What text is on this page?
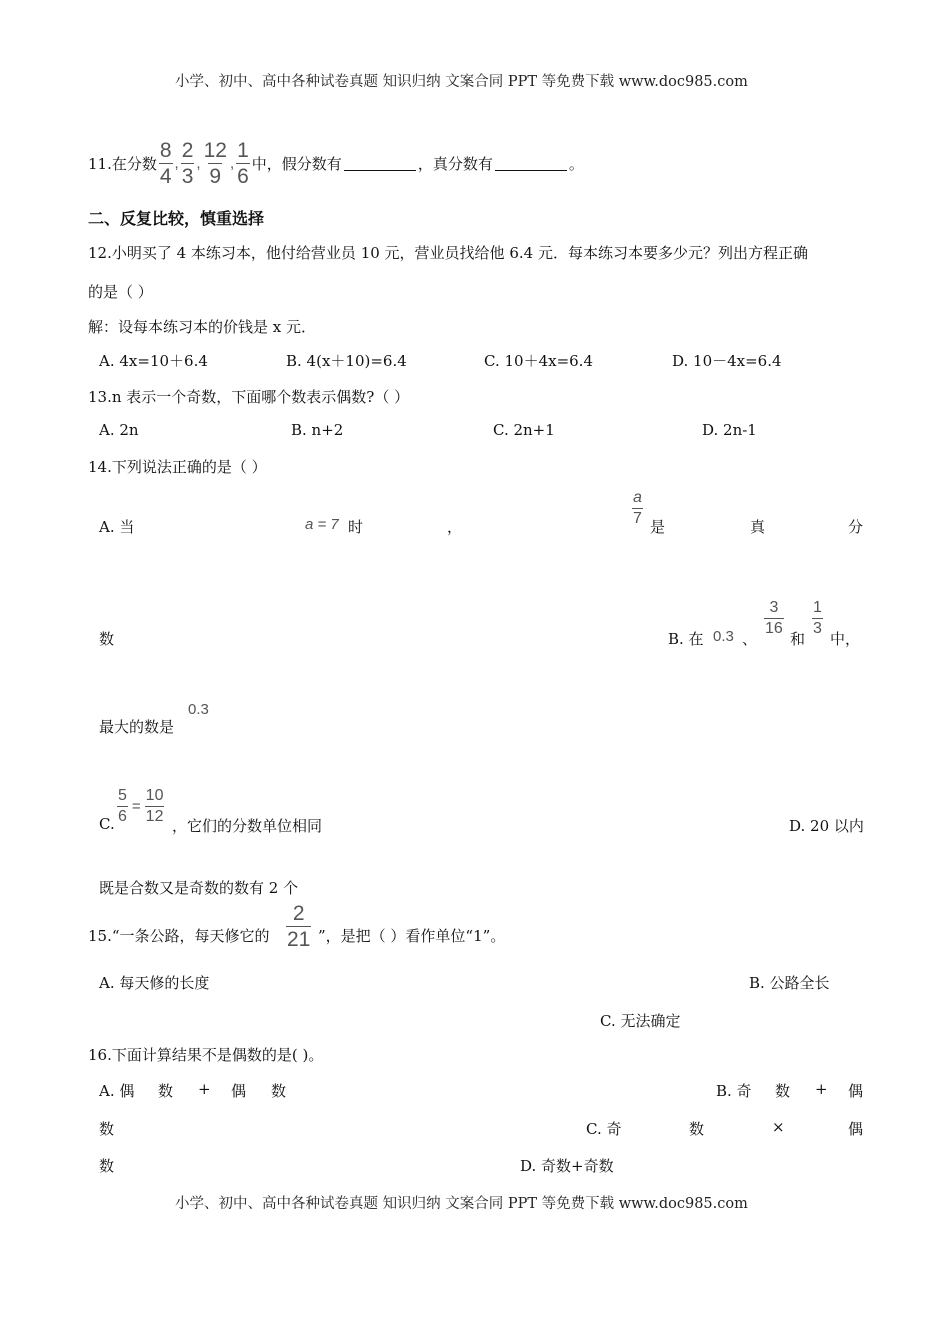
小学、初中、高中各种试卷真题 知识归纳 文案合同 PPT 等免费下载 www.doc985.com
11.在分数 $\frac{8}{4}$ , $\frac{2}{3}$ , $\frac{12}{9}$ , $\frac{1}{6}$ 中，假分数有	，真分数有	。
二、反复比较，慎重选择
12.小明买了 4 本练习本，他付给营业员 10 元，营业员找给他 6.4 元．每本练习本要多少元？列出方程正确
的是（ ）
解：设每本练习本的价钱是 x 元．
A. 4x=10＋6.4	B. 4(x＋10)=6.4	C. 10＋4x=6.4	D. 10－4x=6.4
13.n 表示一个奇数，下面哪个数表示偶数?（ ）
A. 2n	B. n+2	C. 2n+1	D. 2n-1
14.下列说法正确的是（ ）
A. 当	a = 7 时	，	$\frac{a}{7}$ 是	真	分
数	B. 在 0.3 、
$\frac{3}{16}$
和
$\frac{1}{3}$
中，
最大的数是
0.3
C. $\frac{5}{6} = \frac{10}{12}$
，它们的分数单位相同	D. 20 以内
既是合数又是奇数的数有 2 个
15.“一条公路，每天修它的 $\frac{2}{21}$ ”，是把（ ）看作单位“1”。
A. 每天修的长度	B. 公路全长
C. 无法确定
16.下面计算结果不是偶数的是( )。
A. 偶 数 + 偶 数	B. 奇 数 + 偶
数	C. 奇	数	×	偶
数	D. 奇数+奇数
小学、初中、高中各种试卷真题 知识归纳 文案合同 PPT 等免费下载 www.doc985.com
